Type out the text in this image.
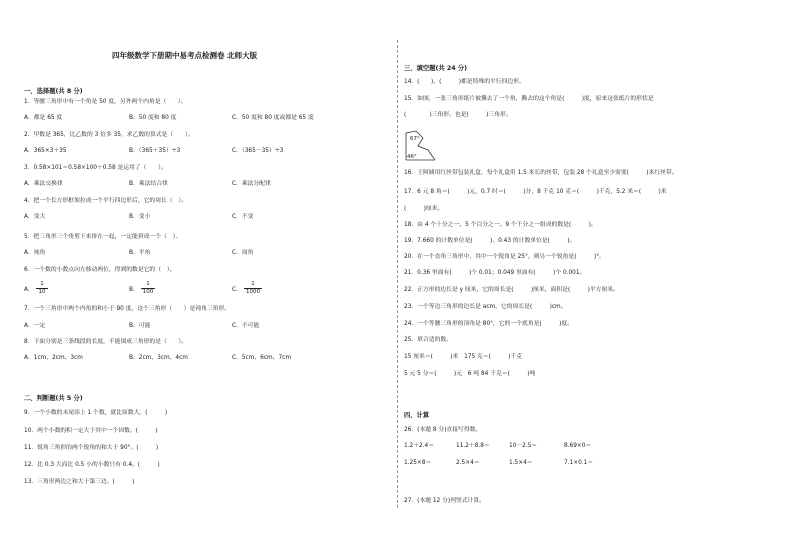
四年级数学下册期中易考点检测卷 北师大版
一、选择题(共 8 分)
1．等腰三角形中有一个角是 50 度，另外两个内角是（　　）。
A．都是 65 度	B．50 度和 80 度	C．50 度和 80 度或都是 65 度
2．甲数是 365，比乙数的 3 倍多 35，求乙数的算式是（　　）。
A．365×3＋35	B．（365＋35）÷3	C．（365－35）÷3
3．0.58×101＝0.58×100＋0.58 是运用了（　　）。
A．乘法交换律	B．乘法结合律	C．乘法分配律
4．把一个长方形框架拉成一个平行四边形后，它的周长（　）。
A．变大	B．变小	C．不变
5．把三角形三个角剪下来拼在一起，一定能拼成一个（　）。
A．钝角	B．平角	C．周角
6．一个数的小数点向左移动两位，得到的数是它的（　）。
A．
1
10	B．
1
100	C．
1
1000
7．一个三角形中两个内角的和小于 90 度，这个三角形（　　）是钝角三角形。
A．一定	B．可能	C．不可能
8．下面分别是三条线段的长度，不能围成三角形的是（　　）。
A．1cm、2cm、3cm	B．2cm、3cm、4cm	C．5cm、6cm、7cm
二、判断题(共 5 分)
9．一个小数的末尾添上 1 个数，就比原数大。(　　　)
10．两个小数的积一定大于其中一个因数。(　　　)
11．锐角三角形的两个锐角的和大于 90°。(　　　)
12．比 0.3 大而比 0.5 小的小数只有 0.4。(　　　)
13．三角形两边之和大于第三边。(　　　)
三、填空题(共 24 分)
14．(　　)、(　　　)都是特殊的平行四边形。
15．如图，一张三角形纸片被撕去了一个角，撕去的这个角是(　　　)度，原来这张纸片的形状是
(　　　　)三角形，也是(　　　)三角形。
67°
46°
16．王阿姨用红丝带包装礼盒，每个礼盒用 1.5 米长的丝带，包装 28 个礼盒至少需要(　　　)米红丝带。
17．6 元 8 角＝(　　　)元，0.7 时＝(　　　)分，8 千克 10 克＝(　　　)千克，5.2 米＝(　　　)米
(　　　)厘米。
18．由 4 个十分之一、5 个百分之一、9 个千分之一组成的数是(　　　)。
19．7.660 的计数单位是(　　　)，0.43 的计数单位是(　　　)。
20．在一个直角三角形中，其中一个锐角是 25°，则另一个锐角是(　　　)°。
21．0.36 里面有(　　　)个 0.01；0.049 里面有(　　　)个 0.001。
22．正方形的边长是 y 厘米，它的周长是(　　　)厘米，面积是(　　　)平方厘米。
23．一个等边三角形的边长是 acm，它的周长是(　　　)cm。
24．一个等腰三角形的顶角是 80°，它的一个底角是(　　　)度。
25．填合适的数。
15 厘米＝(　　　)米　175 克＝(　　　)千克
5 元 5 分＝(　　　)元　6 吨 84 千克＝(　　　)吨
四、计算
26．(本题 8 分)直接写得数。
1.2＋2.4＝	11.2＋8.8＝	10－2.5＝	8.69×0＝
1.25×8＝	2.5×4＝	1.5×4＝	7.1×0.1＝
27．(本题 12 分)列竖式计算。
